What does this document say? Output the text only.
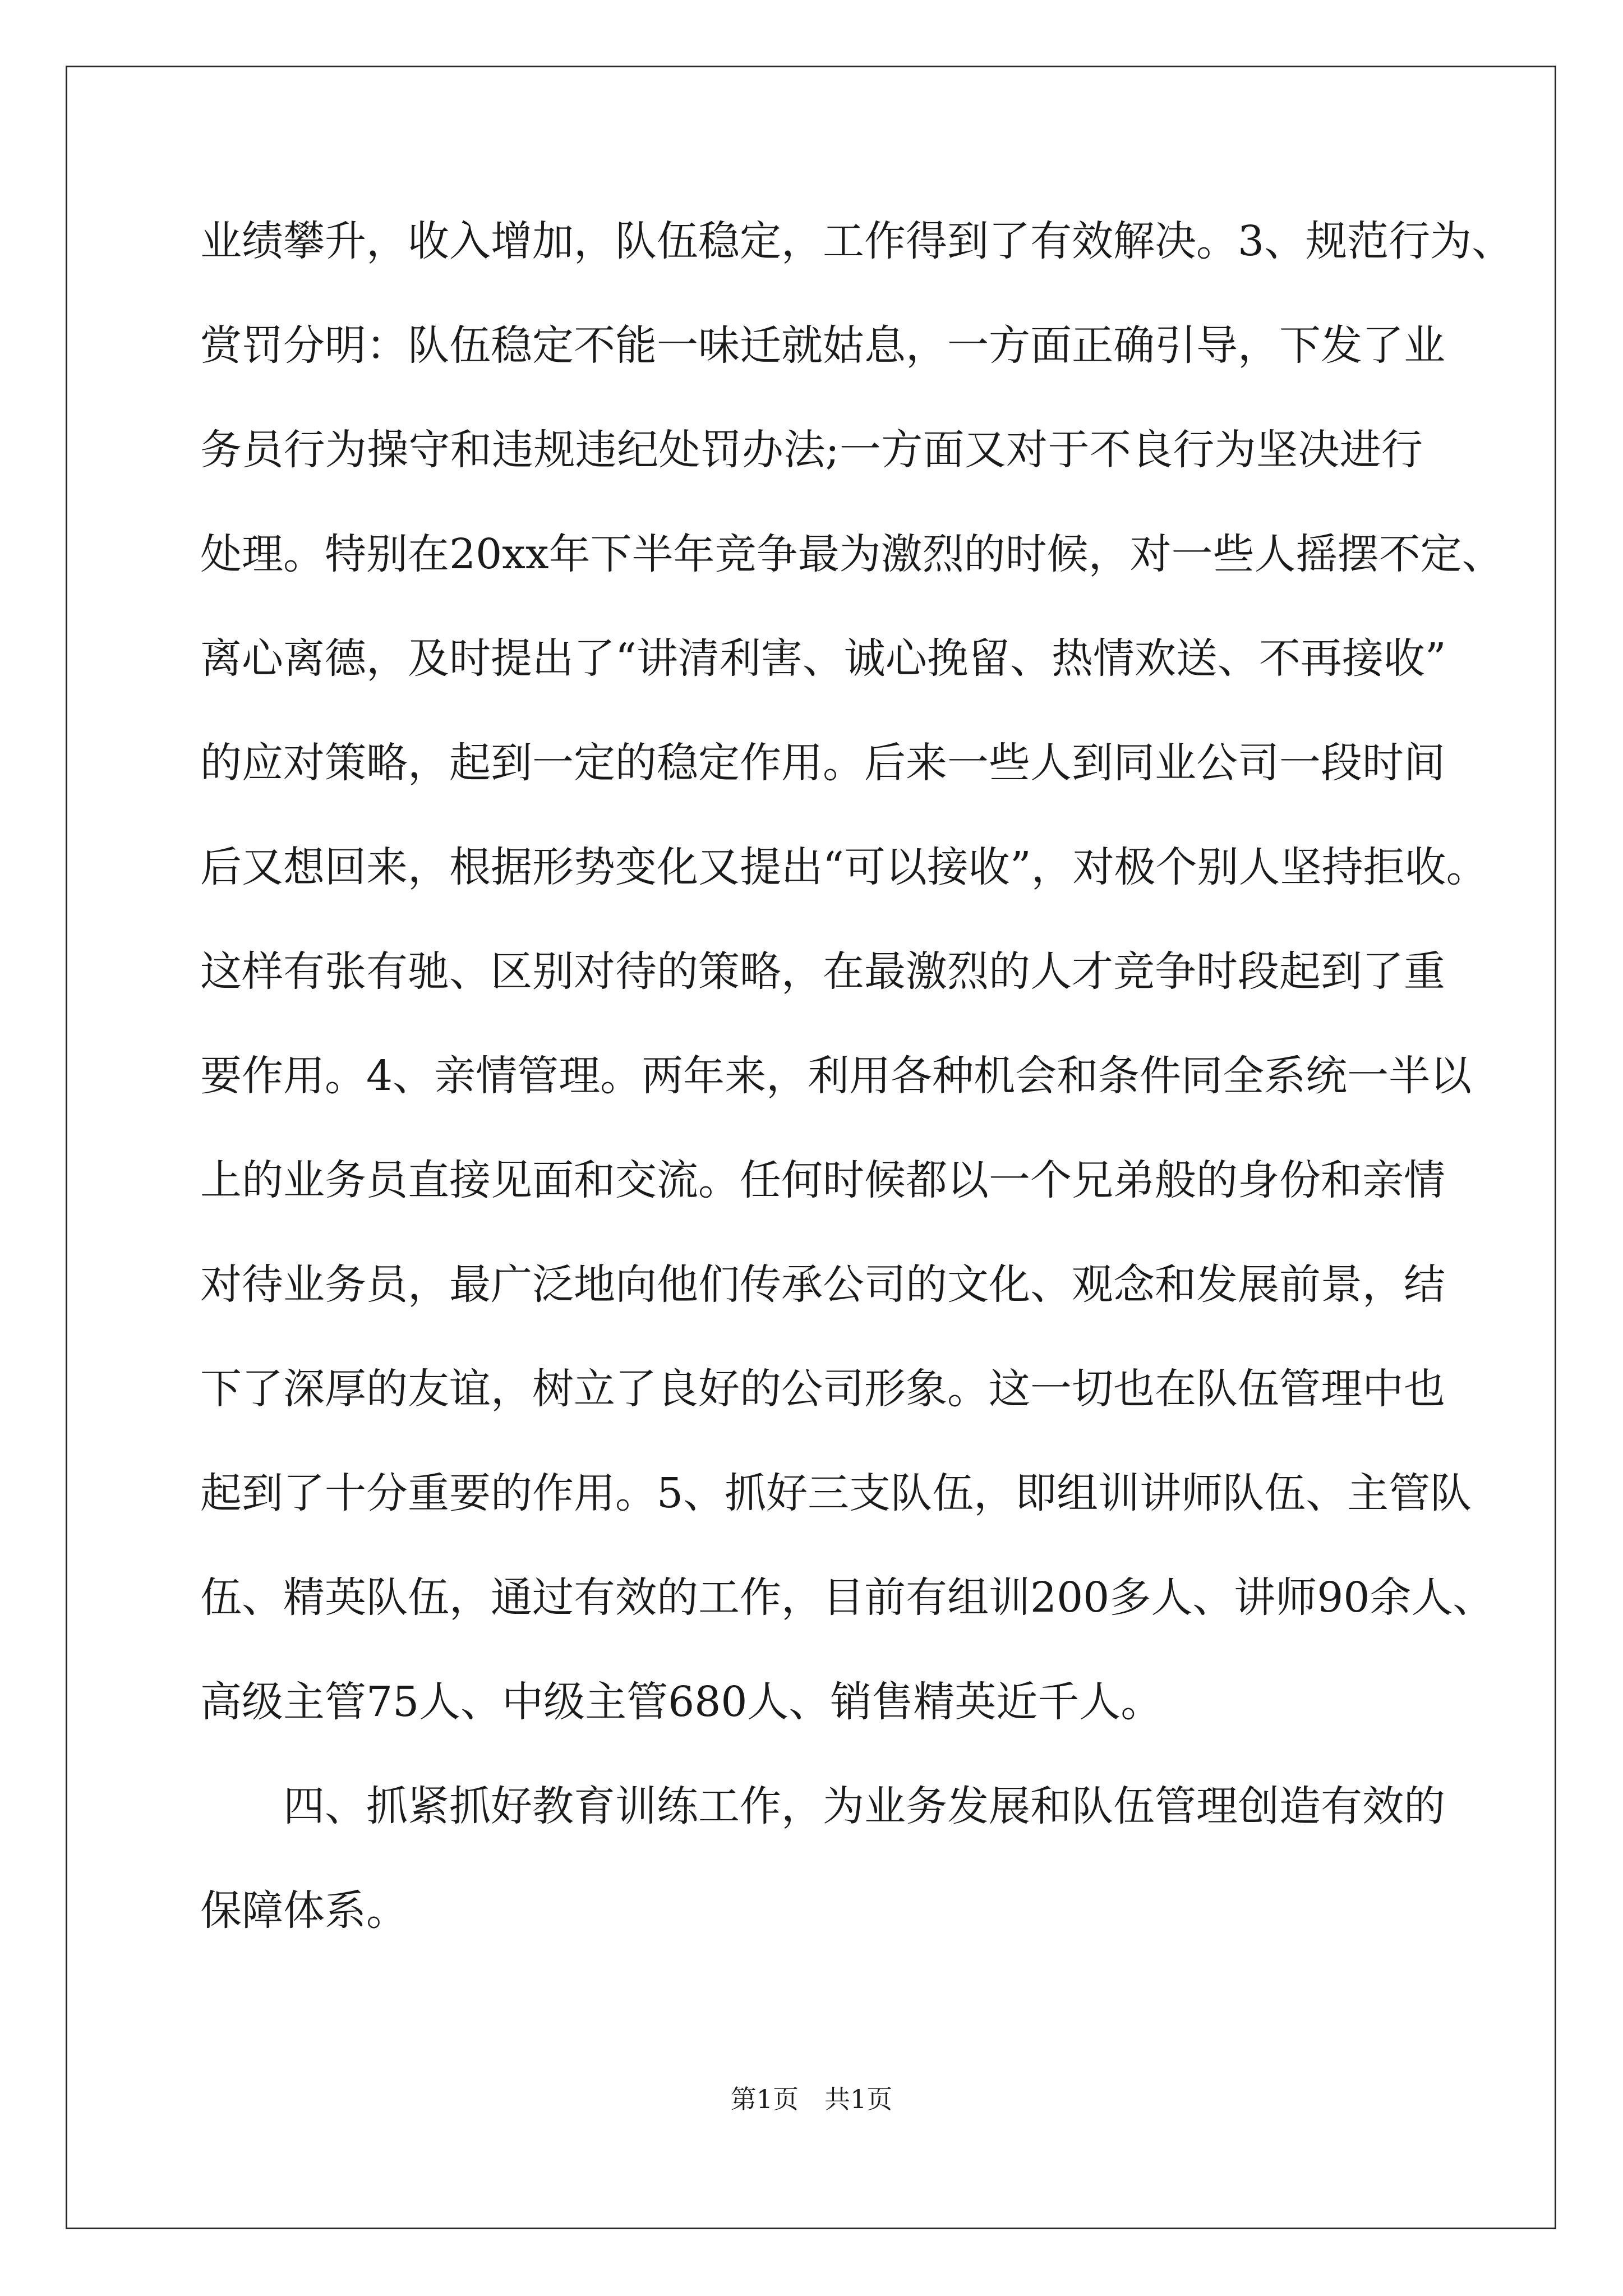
业绩攀升，收入增加，队伍稳定，工作得到了有效解决。3、规范行为、
赏罚分明：队伍稳定不能一味迁就姑息，一方面正确引导，下发了业
务员行为操守和违规违纪处罚办法;一方面又对于不良行为坚决进行
处理。特别在20xx年下半年竞争最为激烈的时候，对一些人摇摆不定、
离心离德，及时提出了“讲清利害、诚心挽留、热情欢送、不再接收”
的应对策略，起到一定的稳定作用。后来一些人到同业公司一段时间
后又想回来，根据形势变化又提出“可以接收”，对极个别人坚持拒收。
这样有张有驰、区别对待的策略，在最激烈的人才竞争时段起到了重
要作用。4、亲情管理。两年来，利用各种机会和条件同全系统一半以
上的业务员直接见面和交流。任何时候都以一个兄弟般的身份和亲情
对待业务员，最广泛地向他们传承公司的文化、观念和发展前景，结
下了深厚的友谊，树立了良好的公司形象。这一切也在队伍管理中也
起到了十分重要的作用。5、抓好三支队伍，即组训讲师队伍、主管队
伍、精英队伍，通过有效的工作，目前有组训200多人、讲师90余人、
高级主管75人、中级主管680人、销售精英近千人。
四、抓紧抓好教育训练工作，为业务发展和队伍管理创造有效的
保障体系。
第1页 共1页
